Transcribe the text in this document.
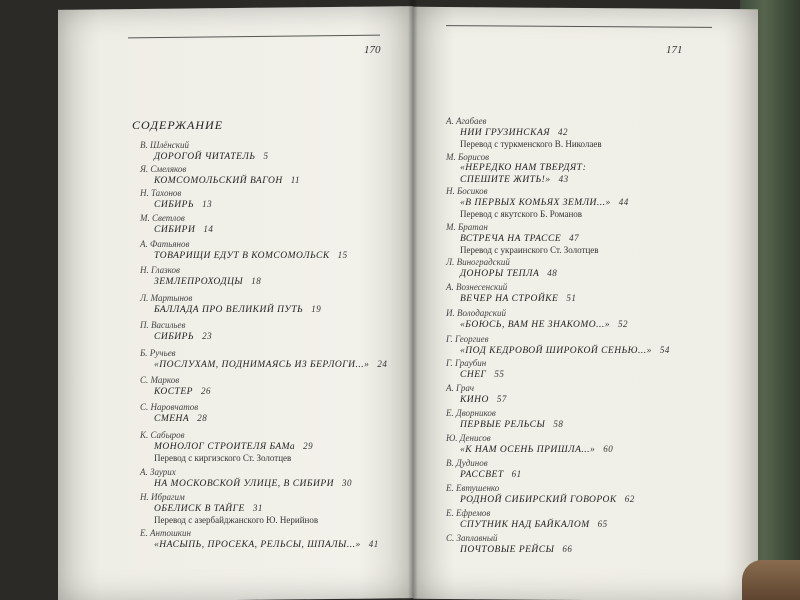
170	171
СОДЕРЖАНИЕ
В. Шлёнский
ДОРОГОЙ ЧИТАТЕЛЬ 5
Я. Смеляков
КОМСОМОЛЬСКИЙ ВАГОН 11
Н. Тахонов
СИБИРЬ 13
М. Светлов
СИБИРИ 14
А. Фатьянов
ТОВАРИЩИ ЕДУТ В КОМСОМОЛЬСК 15
Н. Глазков
ЗЕМЛЕПРОХОДЦЫ 18
Л. Мартынов
БАЛЛАДА ПРО ВЕЛИКИЙ ПУТЬ 19
П. Васильев
СИБИРЬ 23
Б. Ручьев
«ПОСЛУХАМ, ПОДНИМАЯСЬ ИЗ БЕРЛОГИ...» 24
С. Марков
КОСТЕР 26
С. Наровчатов
СМЕНА 28
К. Сабыров
МОНОЛОГ СТРОИТЕЛЯ БАМа 29
Перевод с киргизского Ст. Золотцев
А. Заурих
НА МОСКОВСКОЙ УЛИЦЕ, В СИБИРИ 30
Н. Ибрагим
ОБЕЛИСК В ТАЙГЕ 31
Перевод с азербайджанского Ю. Нерийнов
Е. Антошкин
«НАСЫПЬ, ПРОСЕКА, РЕЛЬСЫ, ШПАЛЫ...» 41
А. Агабаев
НИИ ГРУЗИНСКАЯ 42
Перевод с туркменского В. Николаев
М. Борисов
«НЕРЕДКО НАМ ТВЕРДЯТ:
СПЕШИТЕ ЖИТЬ!» 43
Н. Босиков
«В ПЕРВЫХ КОМЬЯХ ЗЕМЛИ...» 44
Перевод с якутского Б. Романов
М. Братан
ВСТРЕЧА НА ТРАССЕ 47
Перевод с украинского Ст. Золотцев
Л. Виноградский
ДОНОРЫ ТЕПЛА 48
А. Вознесенский
ВЕЧЕР НА СТРОЙКЕ 51
И. Володарский
«БОЮСЬ, ВАМ НЕ ЗНАКОМО...» 52
Г. Георгиев
«ПОД КЕДРОВОЙ ШИРОКОЙ СЕНЬЮ...» 54
Г. Граубин
СНЕГ 55
А. Грач
КИНО 57
Е. Дворников
ПЕРВЫЕ РЕЛЬСЫ 58
Ю. Денисов
«К НАМ ОСЕНЬ ПРИШЛА...» 60
В. Дудинов
РАССВЕТ 61
Е. Евтушенко
РОДНОЙ СИБИРСКИЙ ГОВОРОК 62
Е. Ефремов
СПУТНИК НАД БАЙКАЛОМ 65
С. Заплавный
ПОЧТОВЫЕ РЕЙСЫ 66
